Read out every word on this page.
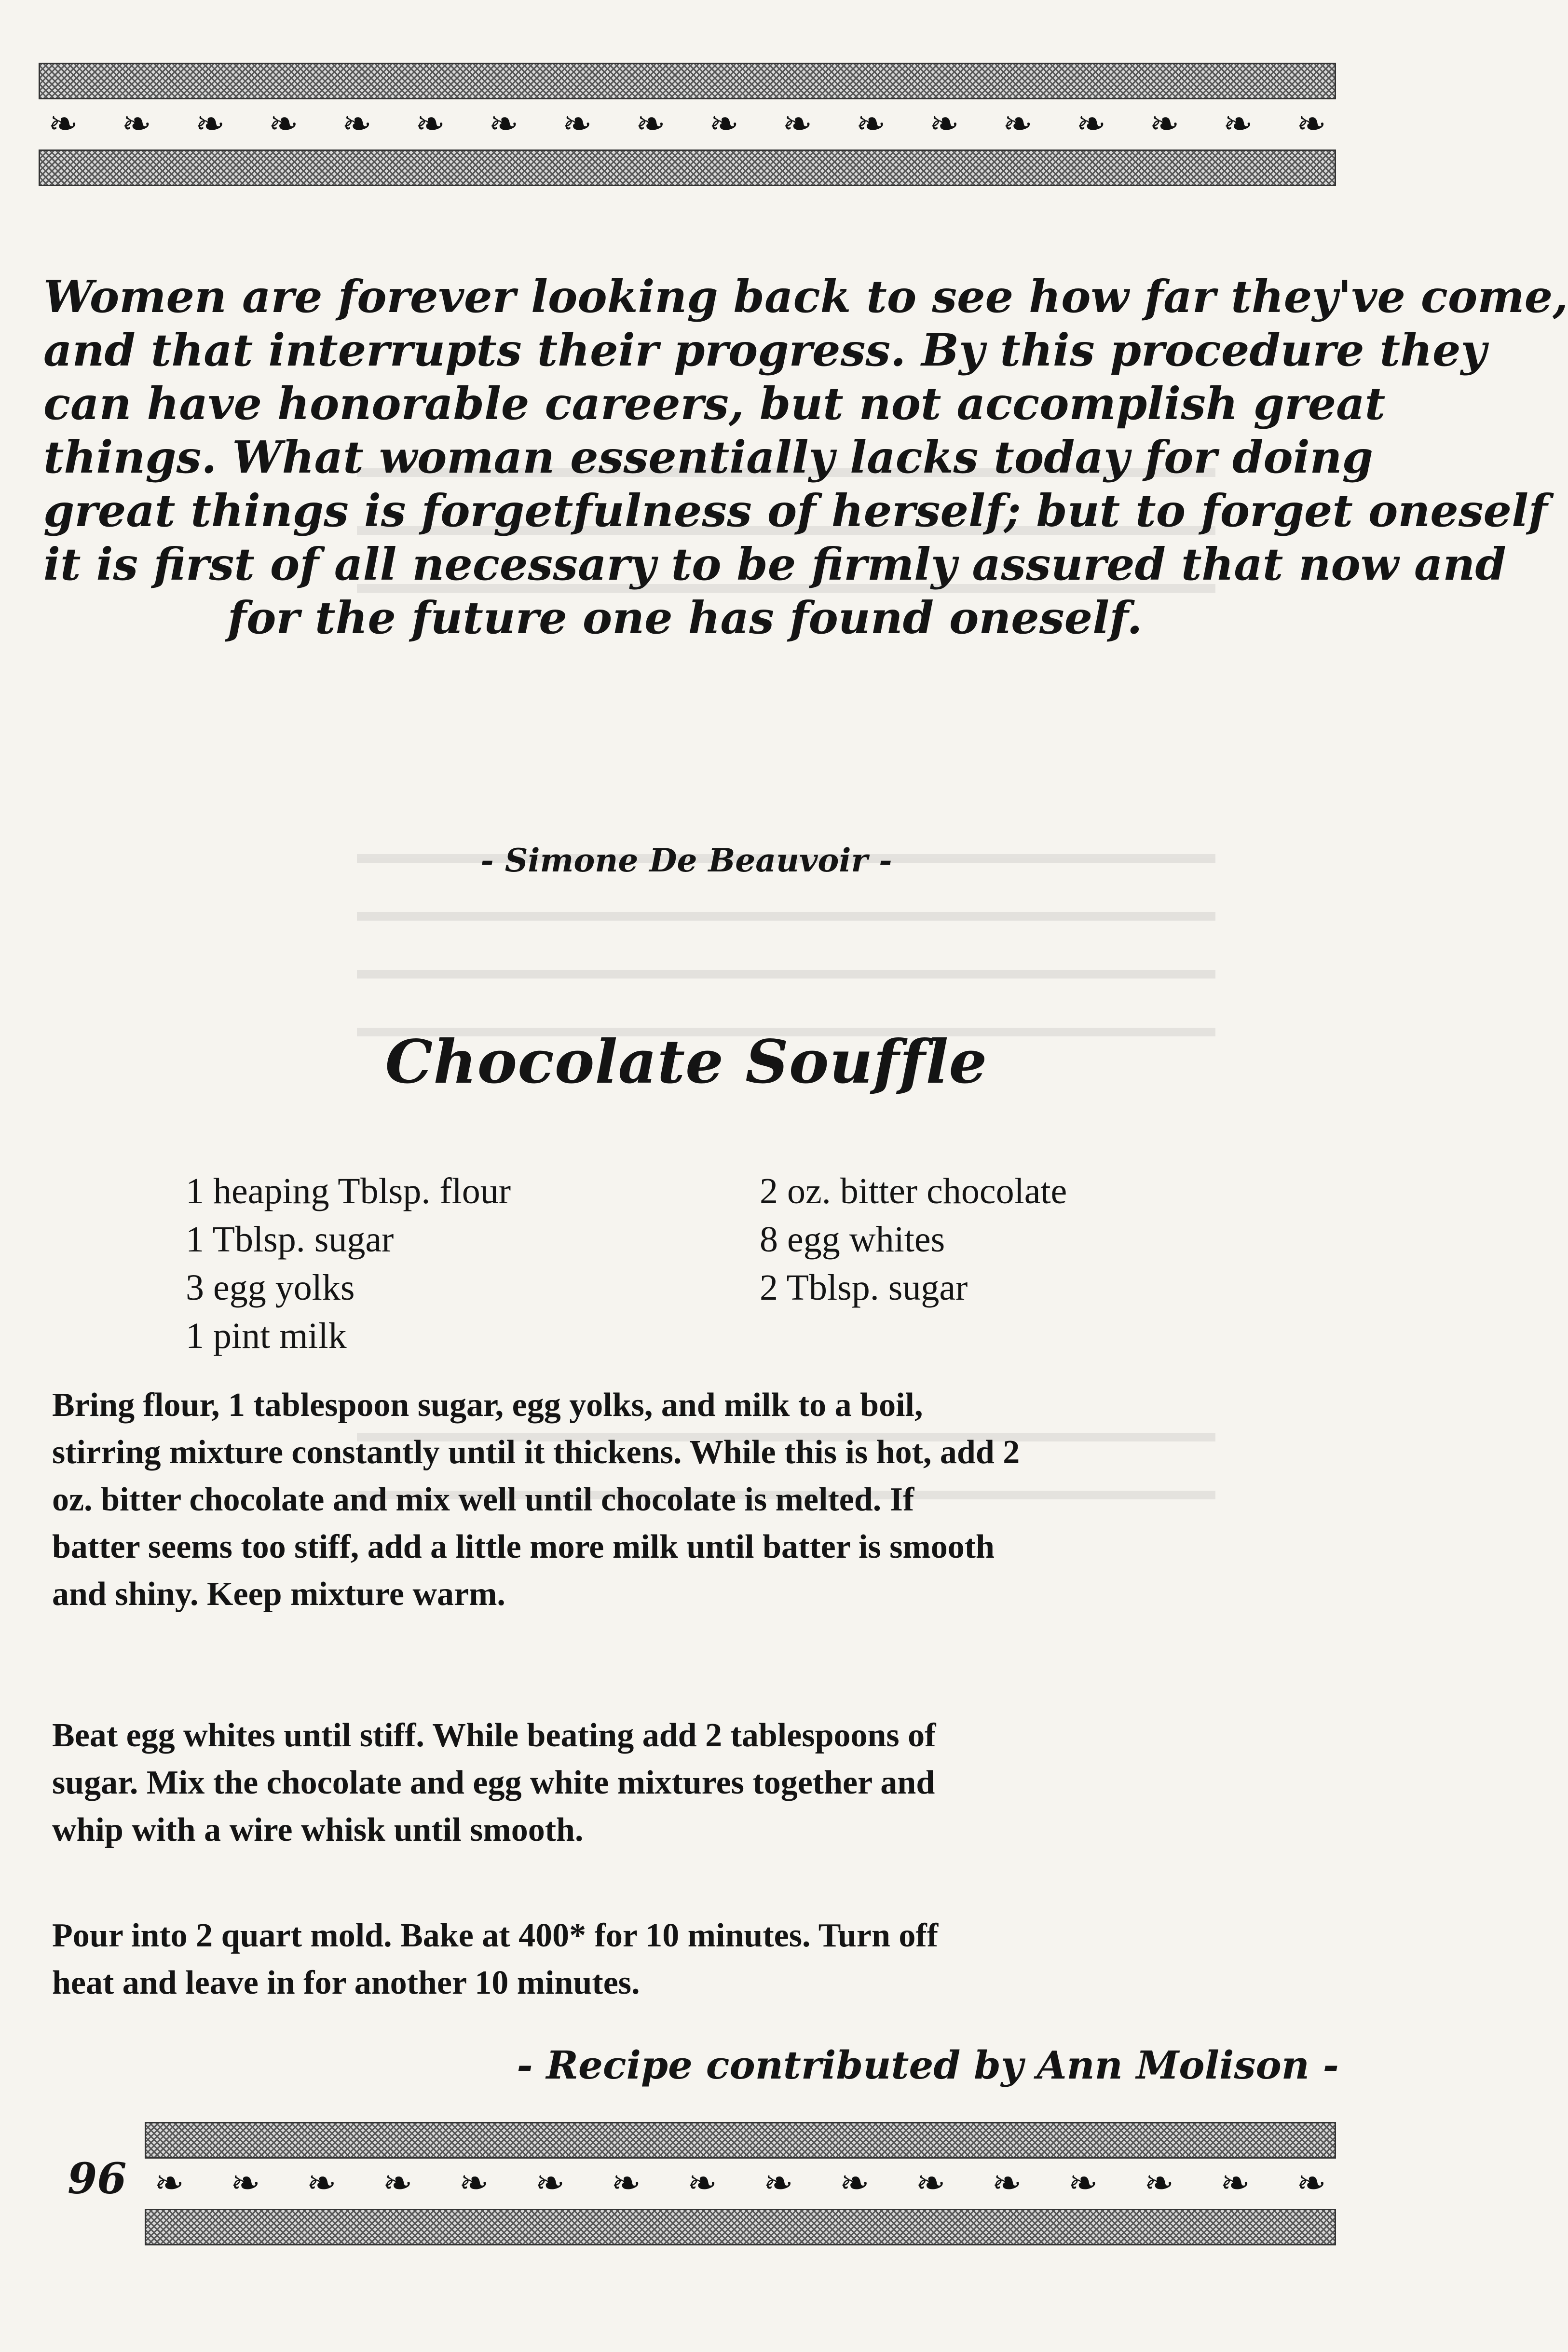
❧ ❧ ❧ ❧ ❧ ❧ ❧ ❧ ❧ ❧ ❧ ❧ ❧ ❧ ❧ ❧ ❧ ❧
Women are forever looking back to see how far they've come,
and that interrupts their progress. By this procedure they
can have honorable careers, but not accomplish great
things. What woman essentially lacks today for doing
great things is forgetfulness of herself; but to forget oneself
it is first of all necessary to be firmly assured that now and
for the future one has found oneself.
- Simone De Beauvoir -
Chocolate Souffle
1 heaping Tblsp. flour
1 Tblsp. sugar
3 egg yolks
1 pint milk
2 oz. bitter chocolate
8 egg whites
2 Tblsp. sugar
Bring flour, 1 tablespoon sugar, egg yolks, and milk to a boil,
stirring mixture constantly until it thickens. While this is hot, add 2
oz. bitter chocolate and mix well until chocolate is melted. If
batter seems too stiff, add a little more milk until batter is smooth
and shiny. Keep mixture warm.
Beat egg whites until stiff. While beating add 2 tablespoons of
sugar. Mix the chocolate and egg white mixtures together and
whip with a wire whisk until smooth.
Pour into 2 quart mold. Bake at 400* for 10 minutes. Turn off
heat and leave in for another 10 minutes.
- Recipe contributed by Ann Molison -
96 ❧ ❧ ❧ ❧ ❧ ❧ ❧ ❧ ❧ ❧ ❧ ❧ ❧ ❧ ❧ ❧
